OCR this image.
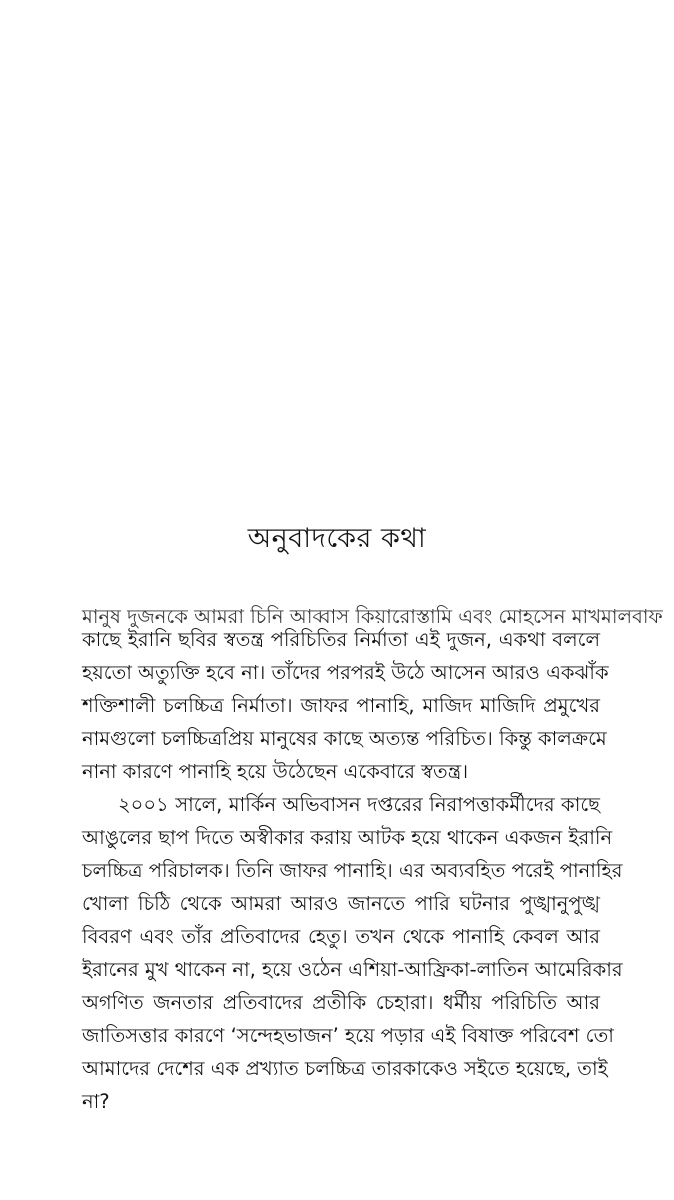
অনুবাদকের কথা
মানুষ দুজনকে আমরা চিনি আব্বাস কিয়ারোস্তামি এবং মোহসেন মাখমালবাফ
কাছে ইরানি ছবির স্বতন্ত্র পরিচিতির নির্মাতা এই দুজন, একথা বললে
হয়তো অত্যুক্তি হবে না। তাঁদের পরপরই উঠে আসেন আরও একঝাঁক
শক্তিশালী চলচ্চিত্র নির্মাতা। জাফর পানাহি, মাজিদ মাজিদি প্রমুখের
নামগুলো চলচ্চিত্রপ্রিয় মানুষের কাছে অত্যন্ত পরিচিত। কিন্তু কালক্রমে
নানা কারণে পানাহি হয়ে উঠেছেন একেবারে স্বতন্ত্র।
২০০১ সালে, মার্কিন অভিবাসন দপ্তরের নিরাপত্তাকর্মীদের কাছে
আঙুলের ছাপ দিতে অস্বীকার করায় আটক হয়ে থাকেন একজন ইরানি
চলচ্চিত্র পরিচালক। তিনি জাফর পানাহি। এর অব্যবহিত পরেই পানাহির
খোলা চিঠি থেকে আমরা আরও জানতে পারি ঘটনার পুঙ্খানুপুঙ্খ
বিবরণ এবং তাঁর প্রতিবাদের হেতু। তখন থেকে পানাহি কেবল আর
ইরানের মুখ থাকেন না, হয়ে ওঠেন এশিয়া-আফ্রিকা-লাতিন আমেরিকার
অগণিত জনতার প্রতিবাদের প্রতীকি চেহারা। ধর্মীয় পরিচিতি আর
জাতিসত্তার কারণে ‘সন্দেহভাজন’ হয়ে পড়ার এই বিষাক্ত পরিবেশ তো
আমাদের দেশের এক প্রখ্যাত চলচ্চিত্র তারকাকেও সইতে হয়েছে, তাই
না?
